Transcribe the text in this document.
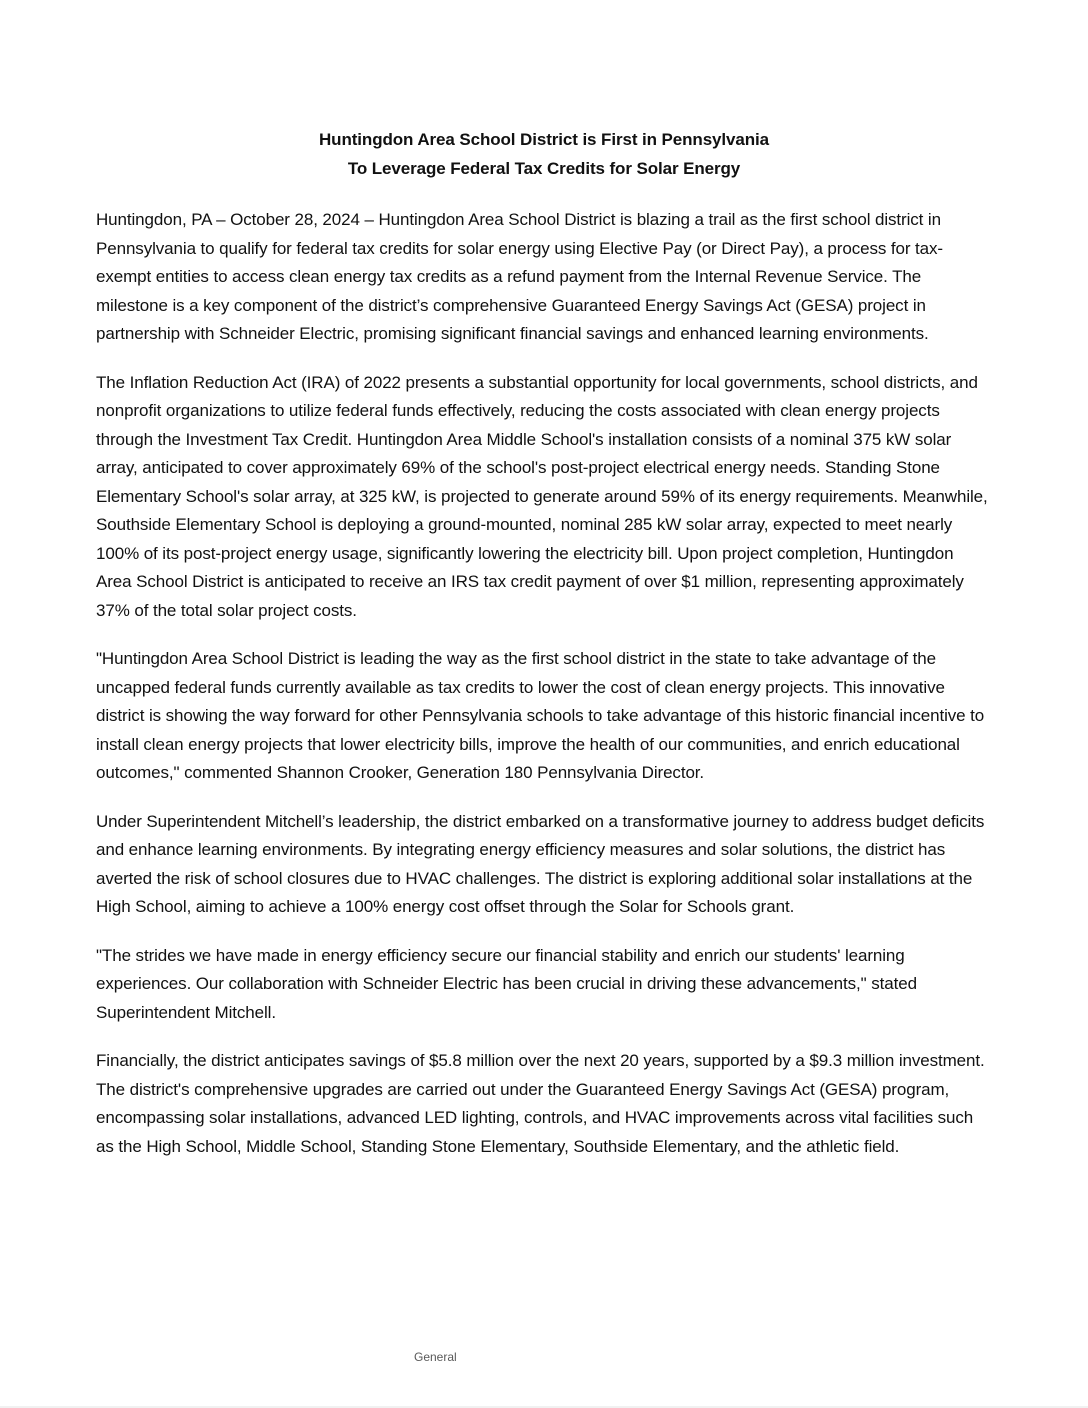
Huntingdon Area School District is First in Pennsylvania
To Leverage Federal Tax Credits for Solar Energy

Huntingdon, PA – October 28, 2024 – Huntingdon Area School District is blazing a trail as the first school district in Pennsylvania to qualify for federal tax credits for solar energy using Elective Pay (or Direct Pay), a process for tax-exempt entities to access clean energy tax credits as a refund payment from the Internal Revenue Service. The milestone is a key component of the district’s comprehensive Guaranteed Energy Savings Act (GESA) project in partnership with Schneider Electric, promising significant financial savings and enhanced learning environments.

The Inflation Reduction Act (IRA) of 2022 presents a substantial opportunity for local governments, school districts, and nonprofit organizations to utilize federal funds effectively, reducing the costs associated with clean energy projects through the Investment Tax Credit. Huntingdon Area Middle School's installation consists of a nominal 375 kW solar array, anticipated to cover approximately 69% of the school's post-project electrical energy needs. Standing Stone Elementary School's solar array, at 325 kW, is projected to generate around 59% of its energy requirements. Meanwhile, Southside Elementary School is deploying a ground-mounted, nominal 285 kW solar array, expected to meet nearly 100% of its post-project energy usage, significantly lowering the electricity bill. Upon project completion, Huntingdon Area School District is anticipated to receive an IRS tax credit payment of over $1 million, representing approximately 37% of the total solar project costs.

"Huntingdon Area School District is leading the way as the first school district in the state to take advantage of the uncapped federal funds currently available as tax credits to lower the cost of clean energy projects. This innovative district is showing the way forward for other Pennsylvania schools to take advantage of this historic financial incentive to install clean energy projects that lower electricity bills, improve the health of our communities, and enrich educational outcomes," commented Shannon Crooker, Generation 180 Pennsylvania Director.

Under Superintendent Mitchell’s leadership, the district embarked on a transformative journey to address budget deficits and enhance learning environments. By integrating energy efficiency measures and solar solutions, the district has averted the risk of school closures due to HVAC challenges. The district is exploring additional solar installations at the High School, aiming to achieve a 100% energy cost offset through the Solar for Schools grant.

"The strides we have made in energy efficiency secure our financial stability and enrich our students' learning experiences. Our collaboration with Schneider Electric has been crucial in driving these advancements," stated Superintendent Mitchell.

Financially, the district anticipates savings of $5.8 million over the next 20 years, supported by a $9.3 million investment. The district's comprehensive upgrades are carried out under the Guaranteed Energy Savings Act (GESA) program, encompassing solar installations, advanced LED lighting, controls, and HVAC improvements across vital facilities such as the High School, Middle School, Standing Stone Elementary, Southside Elementary, and the athletic field.

General
